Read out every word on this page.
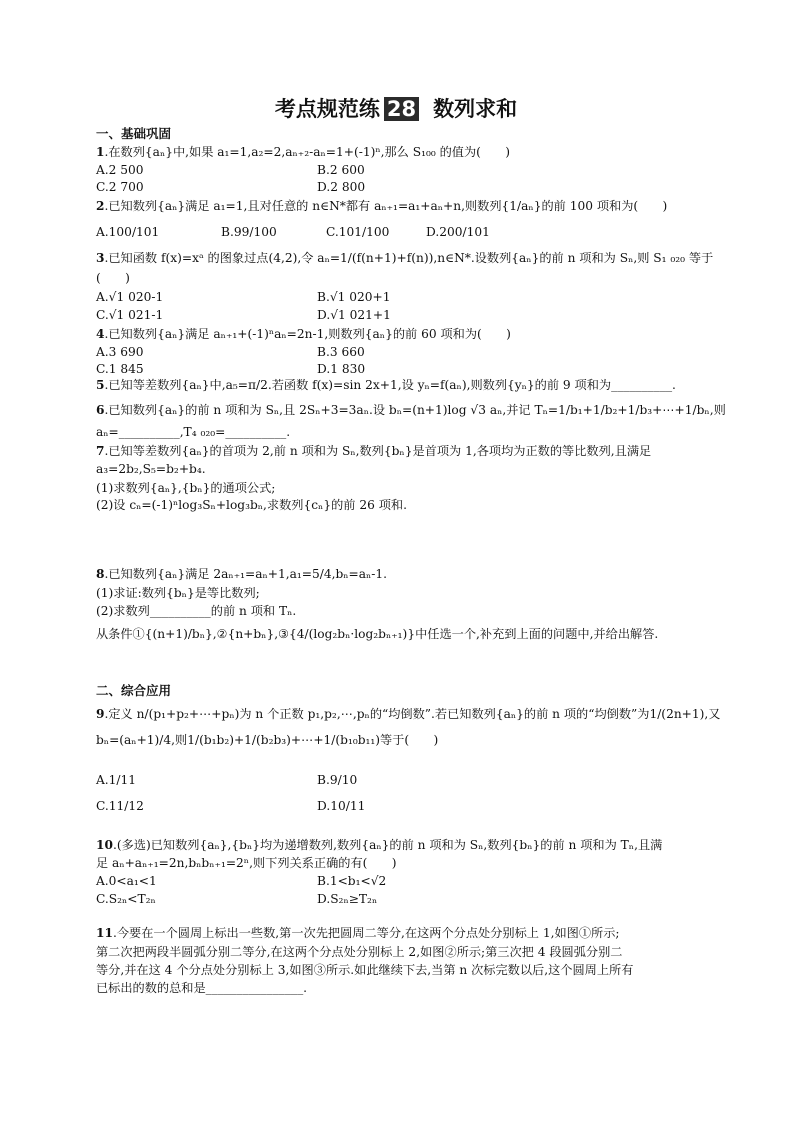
考点规范练 28 数列求和
一、基础巩固
1.在数列{aₙ}中,如果 a₁=1,a₂=2,aₙ₊₂-aₙ=1+(-1)ⁿ,那么 S₁₀₀ 的值为(　　)
A.2 500	B.2 600
C.2 700	D.2 800
2.已知数列{aₙ}满足 a₁=1,且对任意的 n∈N*都有 aₙ₊₁=a₁+aₙ+n,则数列{1/aₙ}的前 100 项和为(　　)
A.100/101	B.99/100	C.101/100	D.200/101
3.已知函数 f(x)=xᵃ 的图象过点(4,2),令 aₙ=1/(f(n+1)+f(n)),n∈N*.设数列{aₙ}的前 n 项和为 Sₙ,则 S₁ ₀₂₀ 等于
(　　)
A.√1 020-1	B.√1 020+1
C.√1 021-1	D.√1 021+1
4.已知数列{aₙ}满足 aₙ₊₁+(-1)ⁿaₙ=2n-1,则数列{aₙ}的前 60 项和为(　　)
A.3 690	B.3 660
C.1 845	D.1 830
5.已知等差数列{aₙ}中,a₅=π/2.若函数 f(x)=sin 2x+1,设 yₙ=f(aₙ),则数列{yₙ}的前 9 项和为__________.
6.已知数列{aₙ}的前 n 项和为 Sₙ,且 2Sₙ+3=3aₙ.设 bₙ=(n+1)log √3 aₙ,并记 Tₙ=1/b₁+1/b₂+1/b₃+⋯+1/bₙ,则
aₙ=__________,T₄ ₀₂₀=__________.
7.已知等差数列{aₙ}的首项为 2,前 n 项和为 Sₙ,数列{bₙ}是首项为 1,各项均为正数的等比数列,且满足
a₃=2b₂,S₅=b₂+b₄.
(1)求数列{aₙ},{bₙ}的通项公式;
(2)设 cₙ=(-1)ⁿlog₃Sₙ+log₃bₙ,求数列{cₙ}的前 26 项和.
8.已知数列{aₙ}满足 2aₙ₊₁=aₙ+1,a₁=5/4,bₙ=aₙ-1.
(1)求证:数列{bₙ}是等比数列;
(2)求数列__________的前 n 项和 Tₙ.
从条件①{(n+1)/bₙ},②{n+bₙ},③{4/(log₂bₙ·log₂bₙ₊₁)}中任选一个,补充到上面的问题中,并给出解答.
二、综合应用
9.定义 n/(p₁+p₂+⋯+pₙ)为 n 个正数 p₁,p₂,⋯,pₙ的“均倒数”.若已知数列{aₙ}的前 n 项的“均倒数”为1/(2n+1),又
bₙ=(aₙ+1)/4,则1/(b₁b₂)+1/(b₂b₃)+⋯+1/(b₁₀b₁₁)等于(　　)
A.1/11	B.9/10
C.11/12	D.10/11
10.(多选)已知数列{aₙ},{bₙ}均为递增数列,数列{aₙ}的前 n 项和为 Sₙ,数列{bₙ}的前 n 项和为 Tₙ,且满
足 aₙ+aₙ₊₁=2n,bₙbₙ₊₁=2ⁿ,则下列关系正确的有(　　)
A.0<a₁<1	B.1<b₁<√2
C.S₂ₙ<T₂ₙ	D.S₂ₙ≥T₂ₙ
11.今要在一个圆周上标出一些数,第一次先把圆周二等分,在这两个分点处分别标上 1,如图①所示;
第二次把两段半圆弧分别二等分,在这两个分点处分别标上 2,如图②所示;第三次把 4 段圆弧分别二
等分,并在这 4 个分点处分别标上 3,如图③所示.如此继续下去,当第 n 次标完数以后,这个圆周上所有
已标出的数的总和是________________.
